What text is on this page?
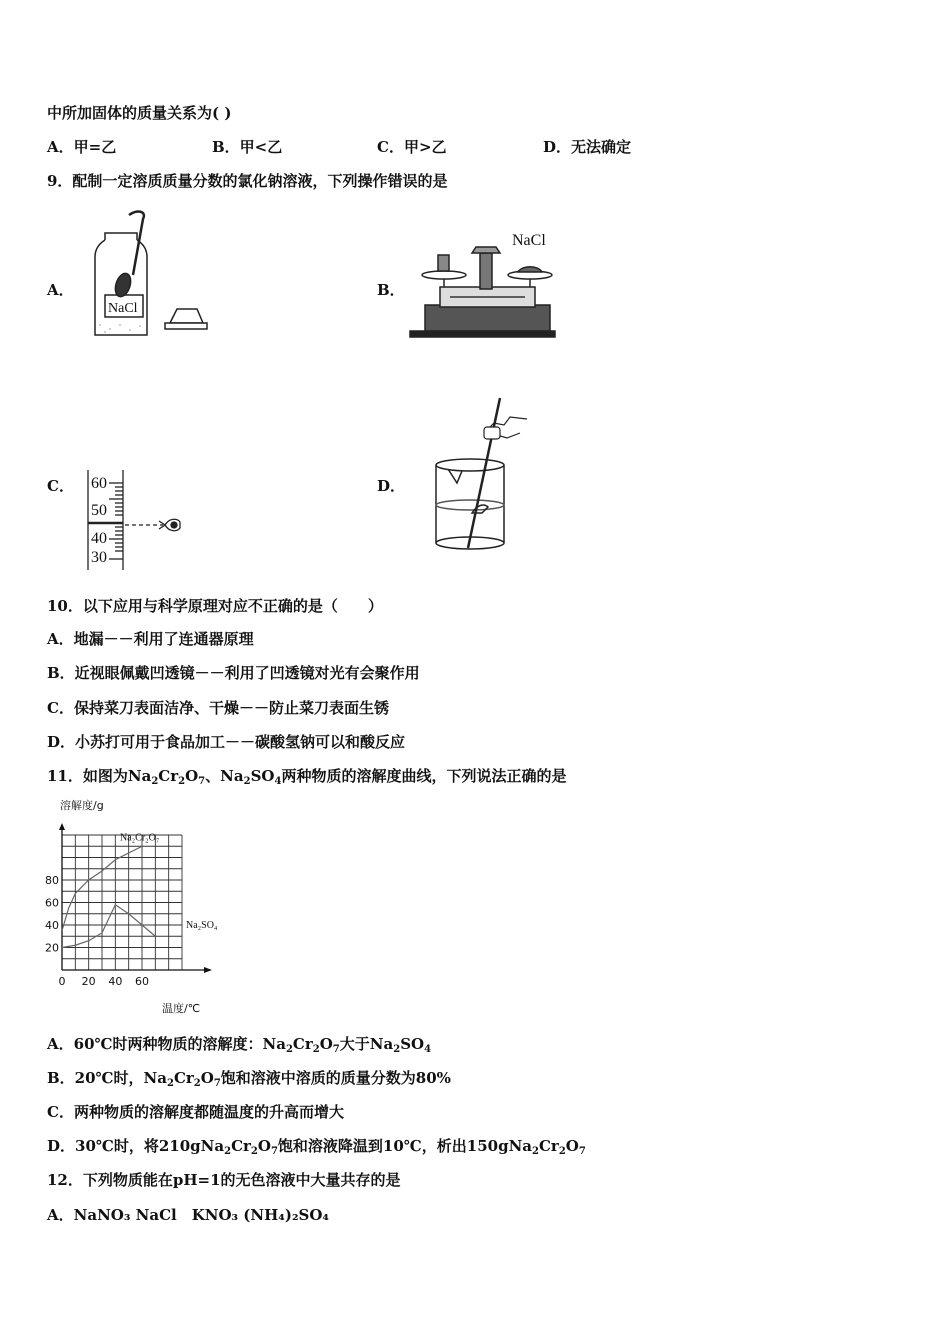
中所加固体的质量关系为( )
A．甲=乙	B．甲<乙	C．甲>乙	D．无法确定
9．配制一定溶质质量分数的氯化钠溶液，下列操作错误的是
A．	B．
C．	D．
NaCl
NaCl
60
50
40
30
10．以下应用与科学原理对应不正确的是（　　）
A．地漏－－利用了连通器原理
B．近视眼佩戴凹透镜－－利用了凹透镜对光有会聚作用
C．保持菜刀表面洁净、干燥－－防止菜刀表面生锈
D．小苏打可用于食品加工－－碳酸氢钠可以和酸反应
11．如图为$Na_2Cr_2O_7$、$Na_2SO_4$两种物质的溶解度曲线，下列说法正确的是
溶解度/g
温度/℃
0 20 40 60
20
40
60
80
Na₂Cr₂O₇
Na₂SO₄
A．60℃时两种物质的溶解度：$Na_2Cr_2O_7$大于$Na_2SO_4$
B．20℃时，$Na_2Cr_2O_7$饱和溶液中溶质的质量分数为80%
C．两种物质的溶解度都随温度的升高而增大
D．30℃时，将$210gNa_2Cr_2O_7$饱和溶液降温到10℃，析出$150gNa_2Cr_2O_7$
12．下列物质能在pH=1的无色溶液中大量共存的是
A．NaNO₃ NaCl　KNO₃ (NH₄)₂SO₄
